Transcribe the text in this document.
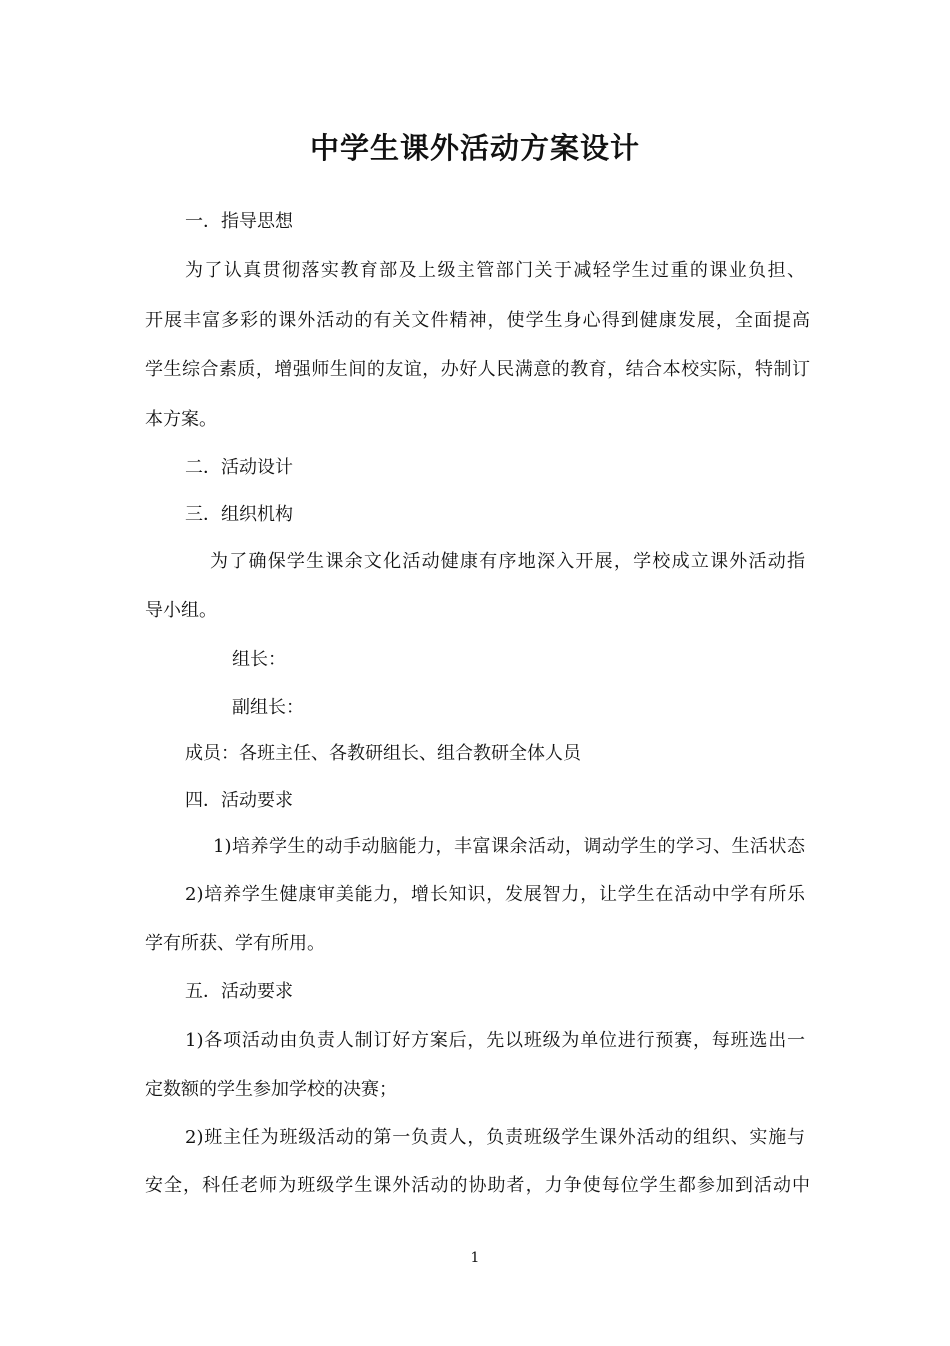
中学生课外活动方案设计

一．指导思想

为了认真贯彻落实教育部及上级主管部门关于减轻学生过重的课业负担、

开展丰富多彩的课外活动的有关文件精神，使学生身心得到健康发展，全面提高

学生综合素质，增强师生间的友谊，办好人民满意的教育，结合本校实际，特制订

本方案。

二．活动设计

三．组织机构

为了确保学生课余文化活动健康有序地深入开展，学校成立课外活动指

导小组。

组长：

副组长：

成员：各班主任、各教研组长、组合教研全体人员

四．活动要求

1)培养学生的动手动脑能力，丰富课余活动，调动学生的学习、生活状态

2)培养学生健康审美能力，增长知识，发展智力，让学生在活动中学有所乐

学有所获、学有所用。

五．活动要求

1)各项活动由负责人制订好方案后，先以班级为单位进行预赛，每班选出一

定数额的学生参加学校的决赛；

2)班主任为班级活动的第一负责人，负责班级学生课外活动的组织、实施与

安全，科任老师为班级学生课外活动的协助者，力争使每位学生都参加到活动中

1
